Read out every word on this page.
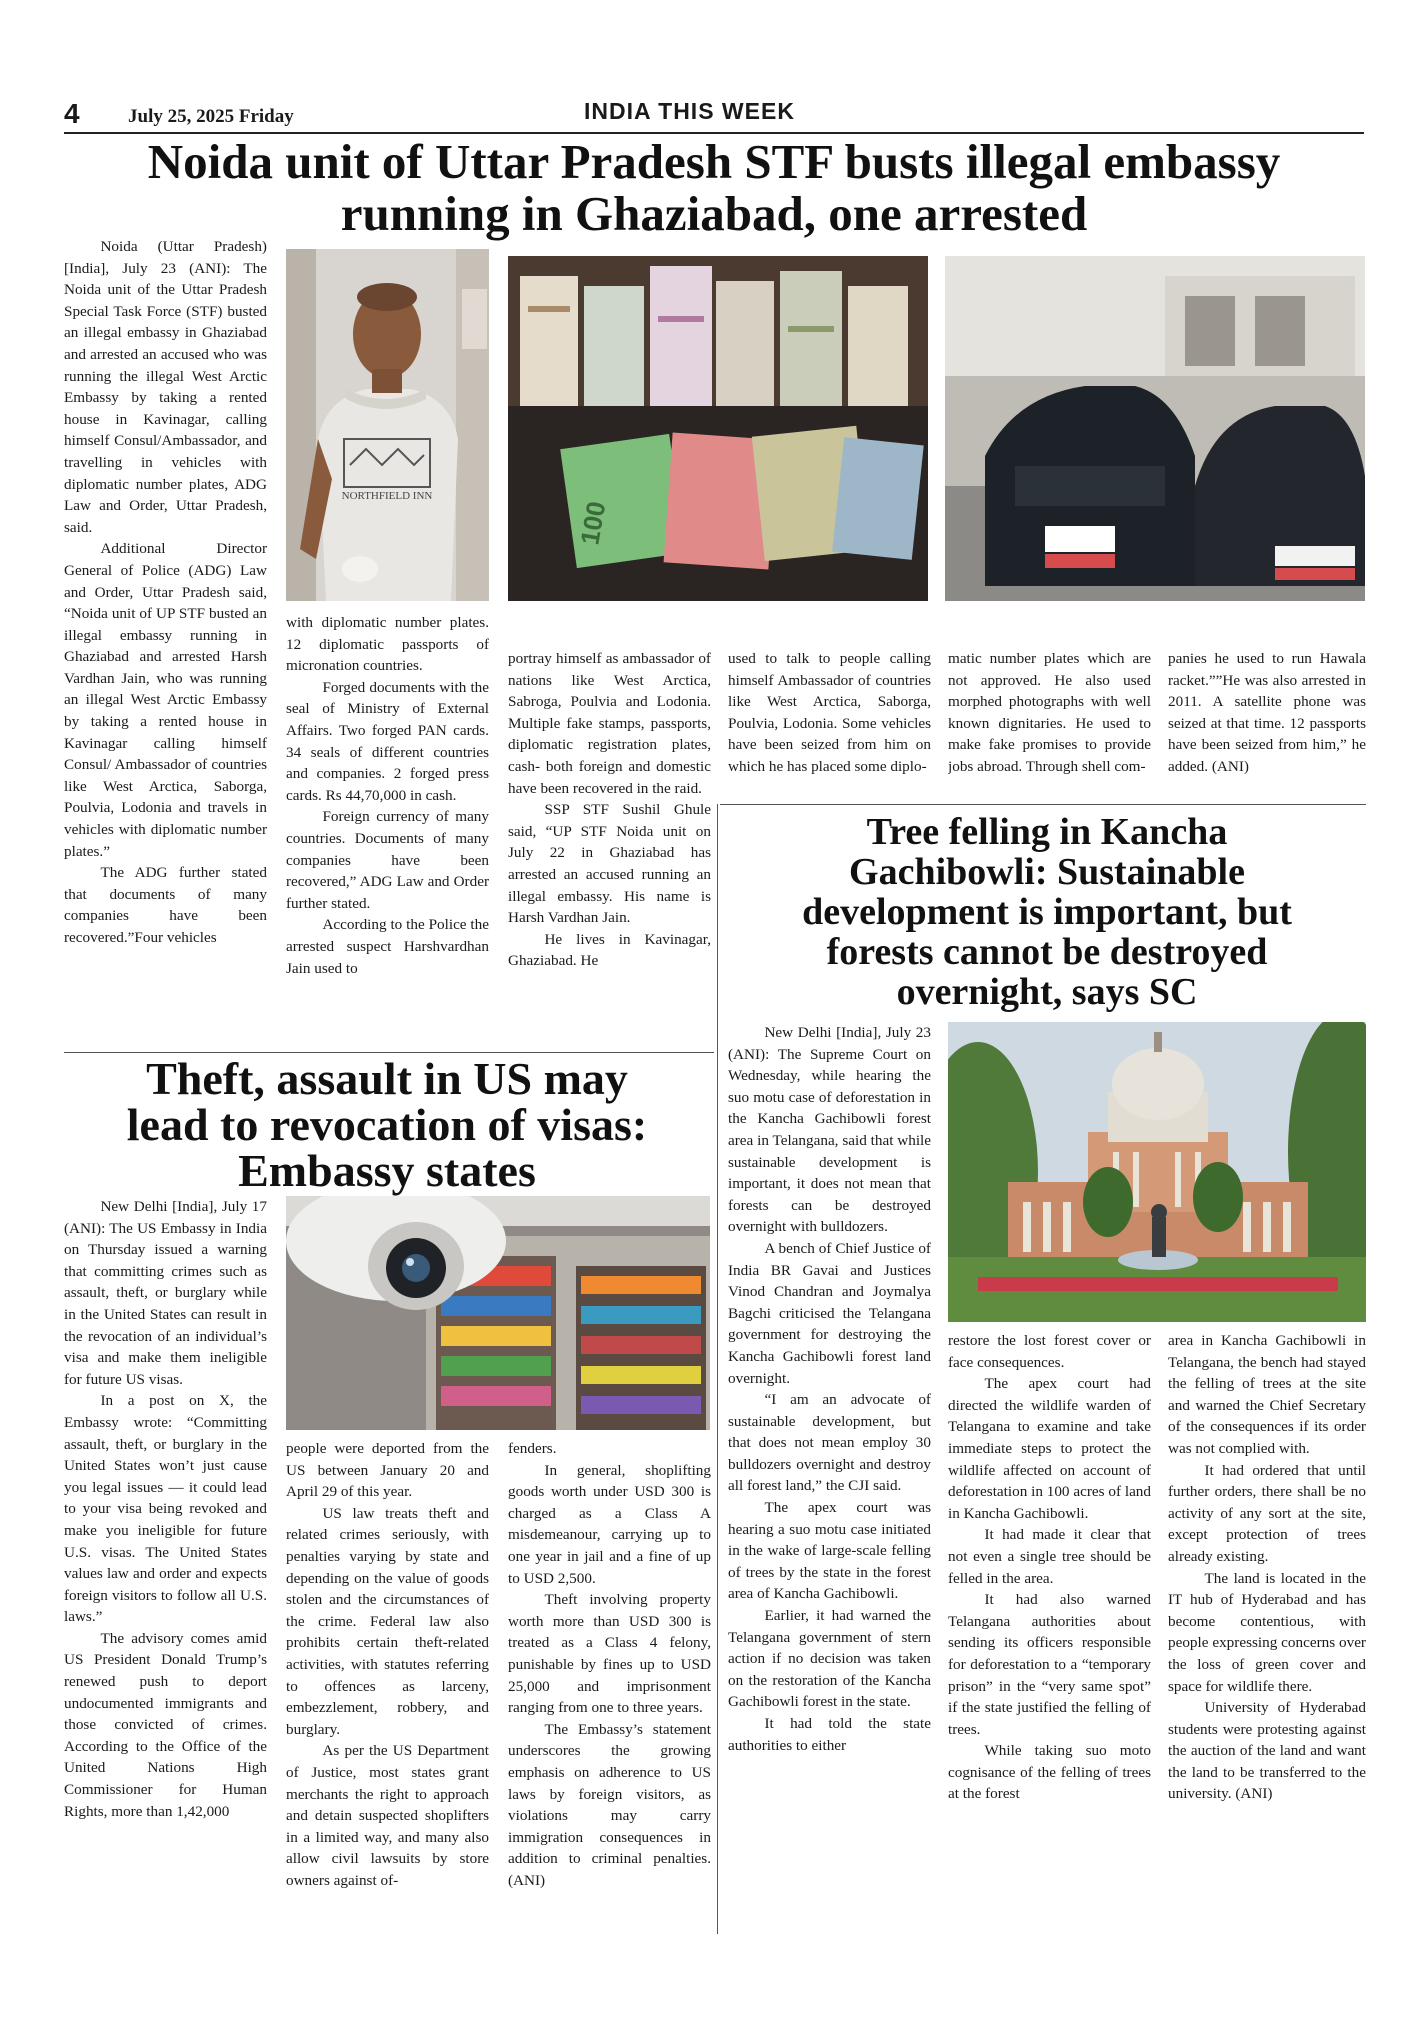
4	July 25, 2025 Friday	INDIA THIS WEEK
Noida unit of Uttar Pradesh STF busts illegal embassy
running in Ghaziabad, one arrested
NORTHFIELD INN
100

Noida (Uttar Pradesh) [India], July 23 (ANI): The Noida unit of the Uttar Pradesh Special Task Force (STF) busted an illegal embassy in Ghaziabad and arrested an accused who was running the illegal West Arctic Embassy by taking a rented house in Kavinagar, calling himself Consul/Ambassador, and travelling in vehicles with diplomatic number plates, ADG Law and Order, Uttar Pradesh, said.

Additional Director General of Police (ADG) Law and Order, Uttar Pradesh said, “Noida unit of UP STF busted an illegal embassy running in Ghaziabad and arrested Harsh Vardhan Jain, who was running an illegal West Arctic Embassy by taking a rented house in Kavinagar calling himself Consul/ Ambassador of countries like West Arctica, Saborga, Poulvia, Lodonia and travels in vehicles with diplomatic number plates.”

The ADG further stated that documents of many companies have been recovered.”Four vehicles

with diplomatic number plates. 12 diplomatic passports of micronation countries.

Forged documents with the seal of Ministry of External Affairs. Two forged PAN cards. 34 seals of different countries and companies. 2 forged press cards. Rs 44,70,000 in cash.

Foreign currency of many countries. Documents of many companies have been recovered,” ADG Law and Order further stated.

According to the Police the arrested suspect Harshvardhan Jain used to

portray himself as ambassador of nations like West Arctica, Sabroga, Poulvia and Lodonia. Multiple fake stamps, passports, diplomatic registration plates, cash- both foreign and domestic have been recovered in the raid.

SSP STF Sushil Ghule said, “UP STF Noida unit on July 22 in Ghaziabad has arrested an accused running an illegal embassy. His name is Harsh Vardhan Jain.

He lives in Kavinagar, Ghaziabad. He

used to talk to people calling himself Ambassador of countries like West Arctica, Saborga, Poulvia, Lodonia. Some vehicles have been seized from him on which he has placed some diplo-

matic number plates which are not approved. He also used morphed photographs with well known dignitaries. He used to make fake promises to provide jobs abroad. Through shell com-

panies he used to run Hawala racket.””He was also arrested in 2011. A satellite phone was seized at that time. 12 passports have been seized from him,” he added. (ANI)

Tree felling in Kancha
Gachibowli: Sustainable
development is important, but
forests cannot be destroyed
overnight, says SC

New Delhi [India], July 23 (ANI): The Supreme Court on Wednesday, while hearing the suo motu case of deforestation in the Kancha Gachibowli forest area in Telangana, said that while sustainable development is important, it does not mean that forests can be destroyed overnight with bulldozers.

A bench of Chief Justice of India BR Gavai and Justices Vinod Chandran and Joymalya Bagchi criticised the Telangana government for destroying the Kancha Gachibowli forest land overnight.

“I am an advocate of sustainable development, but that does not mean employ 30 bulldozers overnight and destroy all forest land,” the CJI said.

The apex court was hearing a suo motu case initiated in the wake of large-scale felling of trees by the state in the forest area of Kancha Gachibowli.

Earlier, it had warned the Telangana government of stern action if no decision was taken on the restoration of the Kancha Gachibowli forest in the state.

It had told the state authorities to either

restore the lost forest cover or face consequences.

The apex court had directed the wildlife warden of Telangana to examine and take immediate steps to protect the wildlife affected on account of deforestation in 100 acres of land in Kancha Gachibowli.

It had made it clear that not even a single tree should be felled in the area.

It had also warned Telangana authorities about sending its officers responsible for deforestation to a “temporary prison” in the “very same spot” if the state justified the felling of trees.

While taking suo moto cognisance of the felling of trees at the forest

area in Kancha Gachibowli in Telangana, the bench had stayed the felling of trees at the site and warned the Chief Secretary of the consequences if its order was not complied with.

It had ordered that until further orders, there shall be no activity of any sort at the site, except protection of trees already existing.

The land is located in the IT hub of Hyderabad and has become contentious, with people expressing concerns over the loss of green cover and space for wildlife there.

University of Hyderabad students were protesting against the auction of the land and want the land to be transferred to the university. (ANI)

Theft, assault in US may
lead to revocation of visas:
Embassy states

New Delhi [India], July 17 (ANI): The US Embassy in India on Thursday issued a warning that committing crimes such as assault, theft, or burglary while in the United States can result in the revocation of an individual’s visa and make them ineligible for future US visas.

In a post on X, the Embassy wrote: “Committing assault, theft, or burglary in the United States won’t just cause you legal issues — it could lead to your visa being revoked and make you ineligible for future U.S. visas. The United States values law and order and expects foreign visitors to follow all U.S. laws.”

The advisory comes amid US President Donald Trump’s renewed push to deport undocumented immigrants and those convicted of crimes. According to the Office of the United Nations High Commissioner for Human Rights, more than 1,42,000

people were deported from the US between January 20 and April 29 of this year.

US law treats theft and related crimes seriously, with penalties varying by state and depending on the value of goods stolen and the circumstances of the crime. Federal law also prohibits certain theft-related activities, with statutes referring to offences as larceny, embezzlement, robbery, and burglary.

As per the US Department of Justice, most states grant merchants the right to approach and detain suspected shoplifters in a limited way, and many also allow civil lawsuits by store owners against of-

fenders.

In general, shoplifting goods worth under USD 300 is charged as a Class A misdemeanour, carrying up to one year in jail and a fine of up to USD 2,500.

Theft involving property worth more than USD 300 is treated as a Class 4 felony, punishable by fines up to USD 25,000 and imprisonment ranging from one to three years.

The Embassy’s statement underscores the growing emphasis on adherence to US laws by foreign visitors, as violations may carry immigration consequences in addition to criminal penalties. (ANI)
